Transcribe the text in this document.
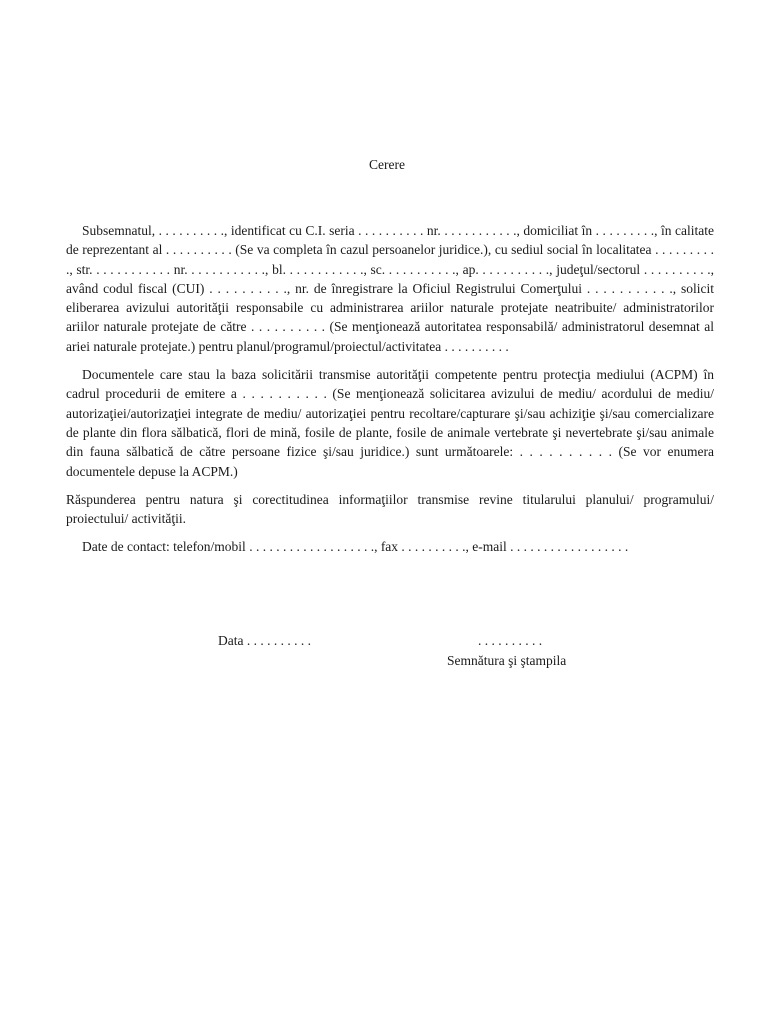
Cerere

Subsemnatul, . . . . . . . . . ., identificat cu C.I. seria . . . . . . . . . . nr. . . . . . . . . . . ., domiciliat în . . . . . . . . ., în calitate de reprezentant al . . . . . . . . . . (Se va completa în cazul persoanelor juridice.), cu sediul social în localitatea . . . . . . . . . ., str. . . . . . . . . . . . nr. . . . . . . . . . . ., bl. . . . . . . . . . . ., sc. . . . . . . . . . ., ap. . . . . . . . . . ., judeţul/sectorul . . . . . . . . . ., având codul fiscal (CUI) . . . . . . . . . ., nr. de înregistrare la Oficiul Registrului Comerţului . . . . . . . . . . ., solicit eliberarea avizului autorităţii responsabile cu administrarea ariilor naturale protejate neatribuite/ administratorilor ariilor naturale protejate de către . . . . . . . . . . (Se menţionează autoritatea responsabilă/ administratorul desemnat al ariei naturale protejate.) pentru planul/programul/proiectul/activitatea . . . . . . . . . .

Documentele care stau la baza solicitării transmise autorităţii competente pentru protecţia mediului (ACPM) în cadrul procedurii de emitere a . . . . . . . . . . (Se menţionează solicitarea avizului de mediu/ acordului de mediu/ autorizaţiei/autorizaţiei integrate de mediu/ autorizaţiei pentru recoltare/capturare şi/sau achiziţie şi/sau comercializare de plante din flora sălbatică, flori de mină, fosile de plante, fosile de animale vertebrate şi nevertebrate şi/sau animale din fauna sălbatică de către persoane fizice şi/sau juridice.) sunt următoarele: . . . . . . . . . . (Se vor enumera documentele depuse la ACPM.)

Răspunderea pentru natura şi corectitudinea informaţiilor transmise revine titularului planului/ programului/ proiectului/ activităţii.

Date de contact: telefon/mobil . . . . . . . . . . . . . . . . . . ., fax . . . . . . . . . ., e-mail . . . . . . . . . . . . . . . . . .

Data . . . . . . . . . .	. . . . . . . . . .
Semnătura şi ştampila
